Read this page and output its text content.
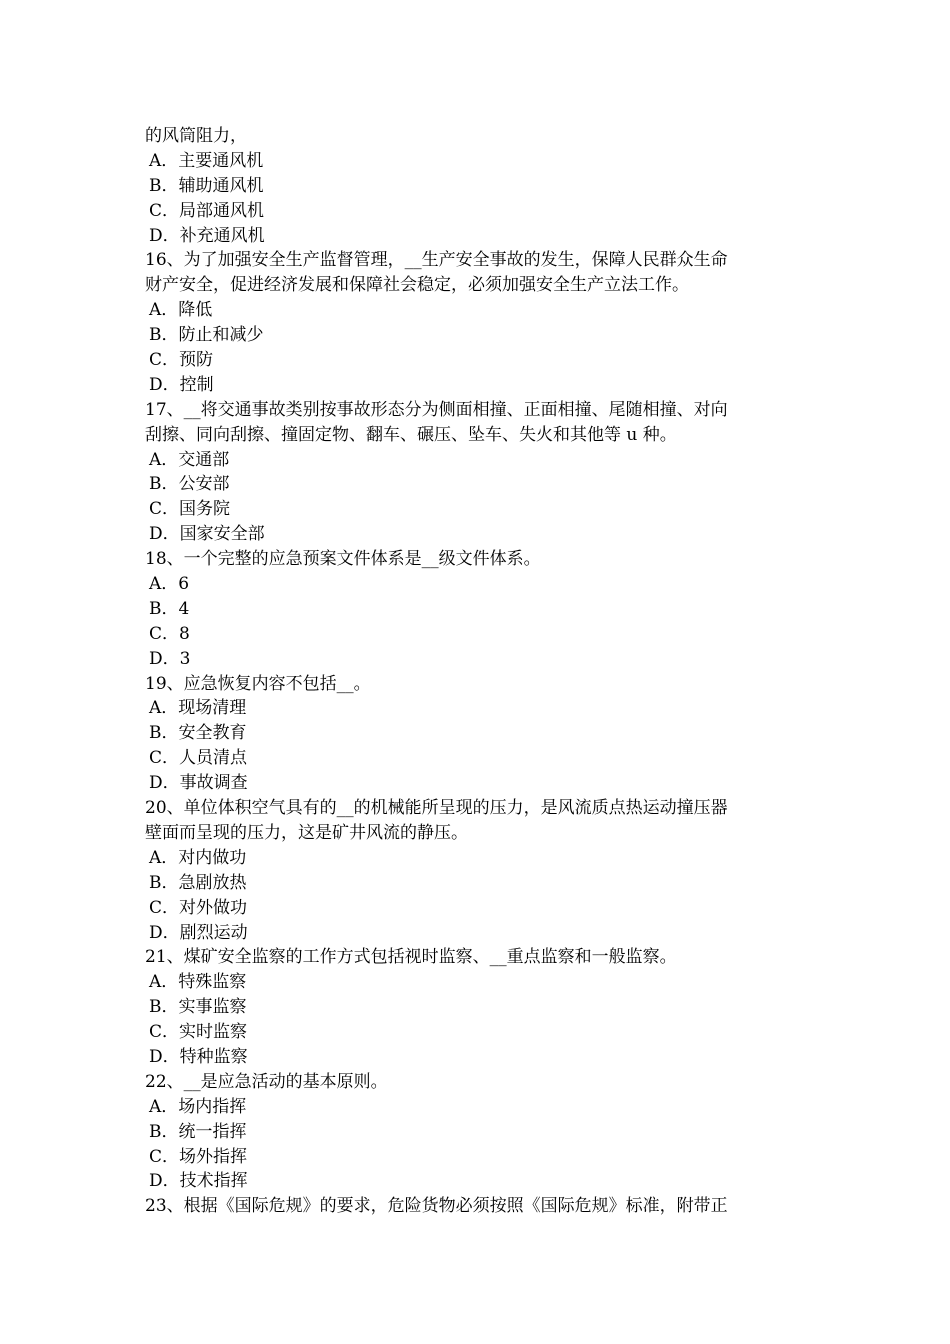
的风筒阻力，
A．主要通风机
B．辅助通风机
C．局部通风机
D．补充通风机
16、为了加强安全生产监督管理，__生产安全事故的发生，保障人民群众生命
财产安全，促进经济发展和保障社会稳定，必须加强安全生产立法工作。
A．降低
B．防止和减少
C．预防
D．控制
17、__将交通事故类别按事故形态分为侧面相撞、正面相撞、尾随相撞、对向
刮擦、同向刮擦、撞固定物、翻车、碾压、坠车、失火和其他等 u 种。
A．交通部
B．公安部
C．国务院
D．国家安全部
18、一个完整的应急预案文件体系是__级文件体系。
A．6
B．4
C．8
D．3
19、应急恢复内容不包括__。
A．现场清理
B．安全教育
C．人员清点
D．事故调查
20、单位体积空气具有的__的机械能所呈现的压力，是风流质点热运动撞压器
壁面而呈现的压力，这是矿井风流的静压。
A．对内做功
B．急剧放热
C．对外做功
D．剧烈运动
21、煤矿安全监察的工作方式包括视时监察、__重点监察和一般监察。
A．特殊监察
B．实事监察
C．实时监察
D．特种监察
22、__是应急活动的基本原则。
A．场内指挥
B．统一指挥
C．场外指挥
D．技术指挥
23、根据《国际危规》的要求，危险货物必须按照《国际危规》标准，附带正
